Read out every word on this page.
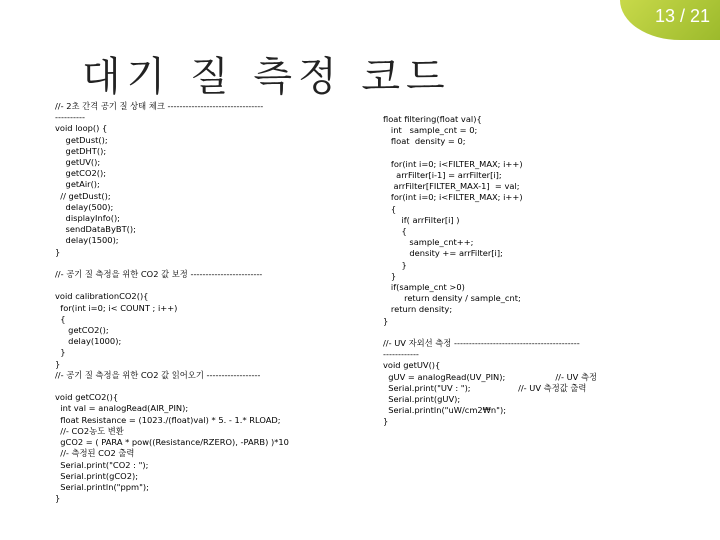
13 / 21
대기 질 측정 코드
//- 2초 간격 공기 질 상태 체크 --------------------------------
----------
void loop() {
getDust();
getDHT();
getUV();
getCO2();
getAir();
// getDust();
delay(500);
displayInfo();
sendDataByBT();
delay(1500);
}

//- 공기 질 측정을 위한 CO2 값 보정 ------------------------

void calibrationCO2(){
for(int i=0; i< COUNT ; i++)
{
getCO2();
delay(1000);
}
}
//- 공기 질 측정을 위한 CO2 값 읽어오기 ------------------

void getCO2(){
int val = analogRead(AIR_PIN);
float Resistance = (1023./(float)val) * 5. - 1.* RLOAD;
//- CO2농도 변환
gCO2 = ( PARA * pow((Resistance/RZERO), -PARB) )*10
//- 측정된 CO2 출력
Serial.print("CO2 : ");
Serial.print(gCO2);
Serial.println("ppm");
}
float filtering(float val){
int   sample_cnt = 0;
float  density = 0;

for(int i=0; i<FILTER_MAX; i++)
arrFilter[i-1] = arrFilter[i];
arrFilter[FILTER_MAX-1]  = val;
for(int i=0; i<FILTER_MAX; i++)
{
if( arrFilter[i] )
{
sample_cnt++;
density += arrFilter[i];
}
}
if(sample_cnt >0)
return density / sample_cnt;
return density;
}

//- UV 자외선 측정 ------------------------------------------
------------
void getUV(){
gUV = analogRead(UV_PIN);                   //- UV 측정
Serial.print("UV : ");                  //- UV 측정값 출력
Serial.print(gUV);
Serial.println("uW/cm2₩n");
}
